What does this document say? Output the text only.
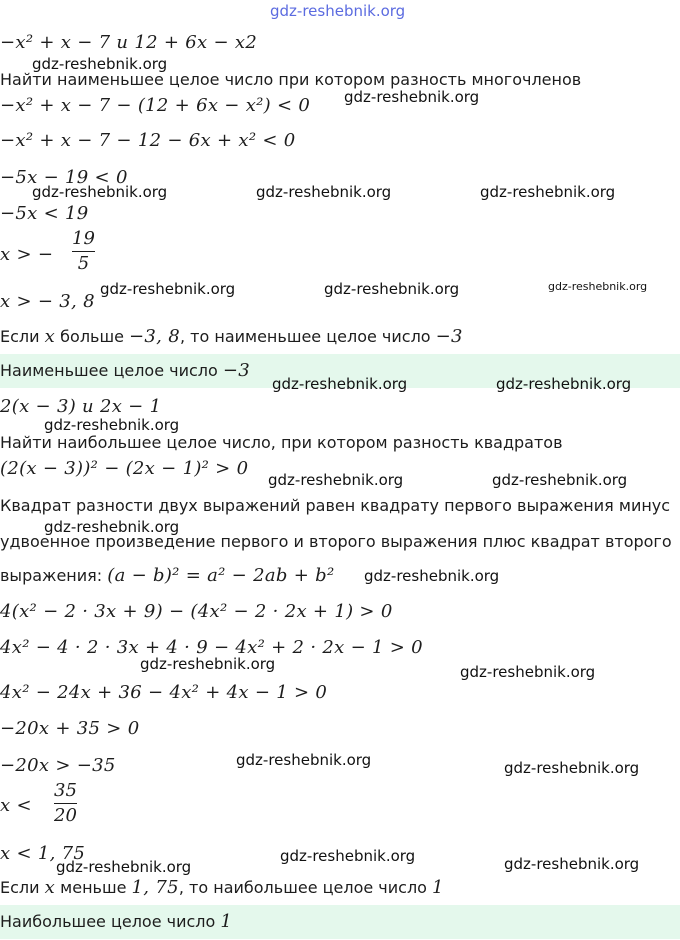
gdz-reshebnik.org
−x² + x − 7 и 12 + 6x − x2
Найти наименьшее целое число при котором разность многочленов
−x² + x − 7 − (12 + 6x − x²) < 0
−x² + x − 7 − 12 − 6x + x² < 0
−5x − 19 < 0
−5x < 19
x > −
19
5
x > − 3, 8
Если x больше −3, 8, то наименьшее целое число −3
Наименьшее целое число −3
2(x − 3) и 2x − 1
Найти наибольшее целое число, при котором разность квадратов
(2(x − 3))² − (2x − 1)² > 0
Квадрат разности двух выражений равен квадрату первого выражения минус
удвоенное произведение первого и второго выражения плюс квадрат второго
выражения: (a − b)² = a² − 2ab + b²
4(x² − 2 · 3x + 9) − (4x² − 2 · 2x + 1) > 0
4x² − 4 · 2 · 3x + 4 · 9 − 4x² + 2 · 2x − 1 > 0
4x² − 24x + 36 − 4x² + 4x − 1 > 0
−20x + 35 > 0
−20x > −35
x <
35
20
x < 1, 75
Если x меньше 1, 75, то наибольшее целое число 1
Наибольшее целое число 1
gdz-reshebnik.org
gdz-reshebnik.org
gdz-reshebnik.org	gdz-reshebnik.org	gdz-reshebnik.org
gdz-reshebnik.org	gdz-reshebnik.org	gdz-reshebnik.org
gdz-reshebnik.org	gdz-reshebnik.org
gdz-reshebnik.org
gdz-reshebnik.org	gdz-reshebnik.org
gdz-reshebnik.org
gdz-reshebnik.org
gdz-reshebnik.org	gdz-reshebnik.org
gdz-reshebnik.org	gdz-reshebnik.org
gdz-reshebnik.org
gdz-reshebnik.org	gdz-reshebnik.org
